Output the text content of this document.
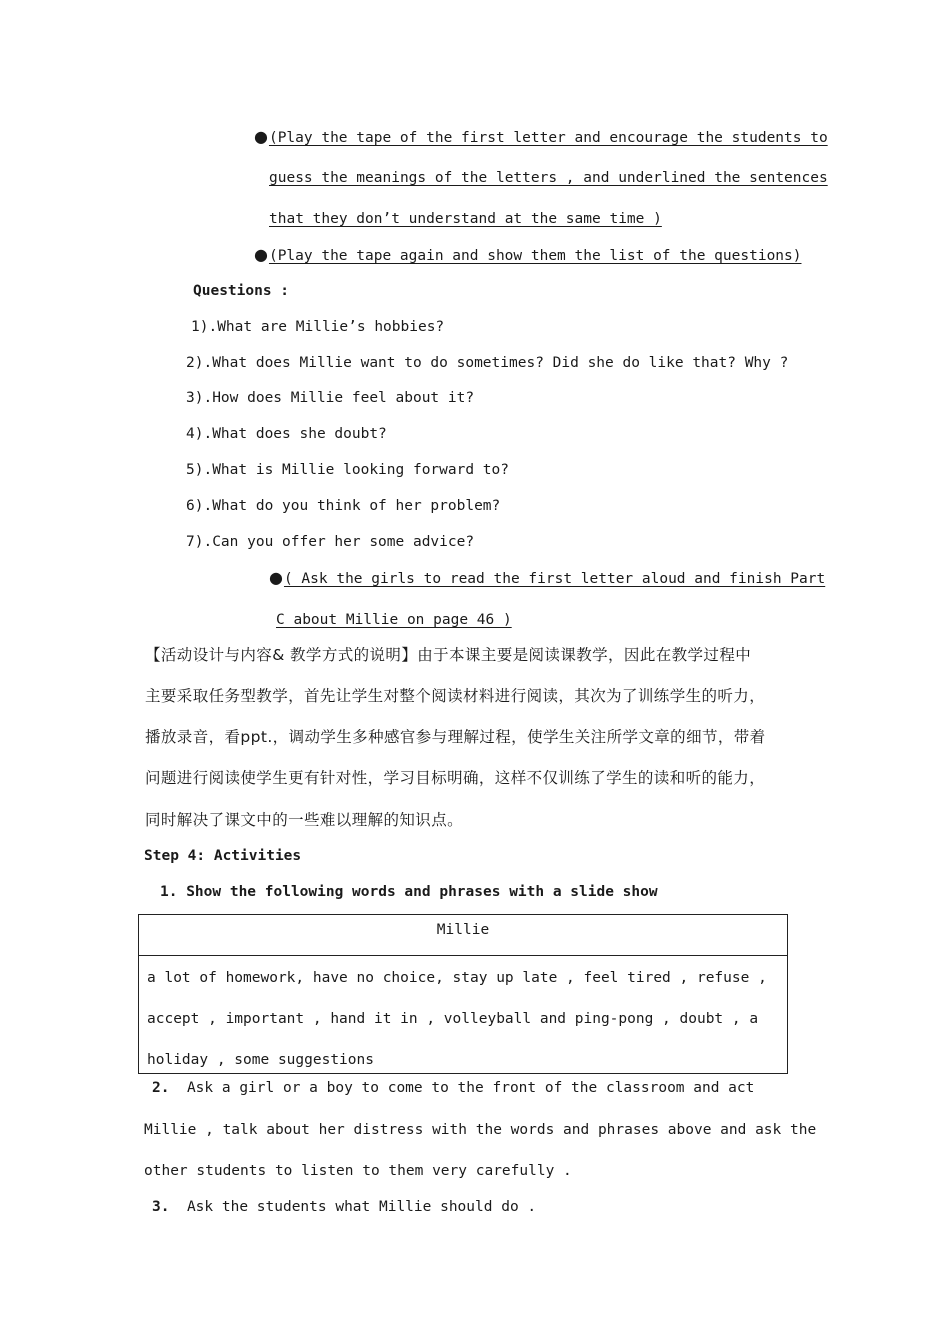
●(Play the tape of the first letter and encourage the students to
guess the meanings of the letters , and underlined the sentences
that they don’t understand at the same time )
●(Play the tape again and show them the list of the questions)
Questions :
1).What are Millie’s hobbies?
2).What does Millie want to do sometimes? Did she do like that? Why ?
3).How does Millie feel about it?
4).What does she doubt?
5).What is Millie looking forward to?
6).What do you think of her problem?
7).Can you offer her some advice?
●( Ask the girls to read the first letter aloud and finish Part
C about Millie on page 46 )
【活动设计与内容& 教学方式的说明】由于本课主要是阅读课教学，因此在教学过程中
主要采取任务型教学，首先让学生对整个阅读材料进行阅读，其次为了训练学生的听力，
播放录音，看ppt.，调动学生多种感官参与理解过程，使学生关注所学文章的细节，带着
问题进行阅读使学生更有针对性，学习目标明确，这样不仅训练了学生的读和听的能力，
同时解决了课文中的一些难以理解的知识点。
Step 4: Activities
1. Show the following words and phrases with a slide show
Millie
a lot of homework, have no choice, stay up late , feel tired , refuse ,
accept , important , hand it in , volleyball and ping-pong , doubt , a
holiday , some suggestions
2. Ask a girl or a boy to come to the front of the classroom and act
Millie , talk about her distress with the words and phrases above and ask the
other students to listen to them very carefully .
3. Ask the students what Millie should do .
